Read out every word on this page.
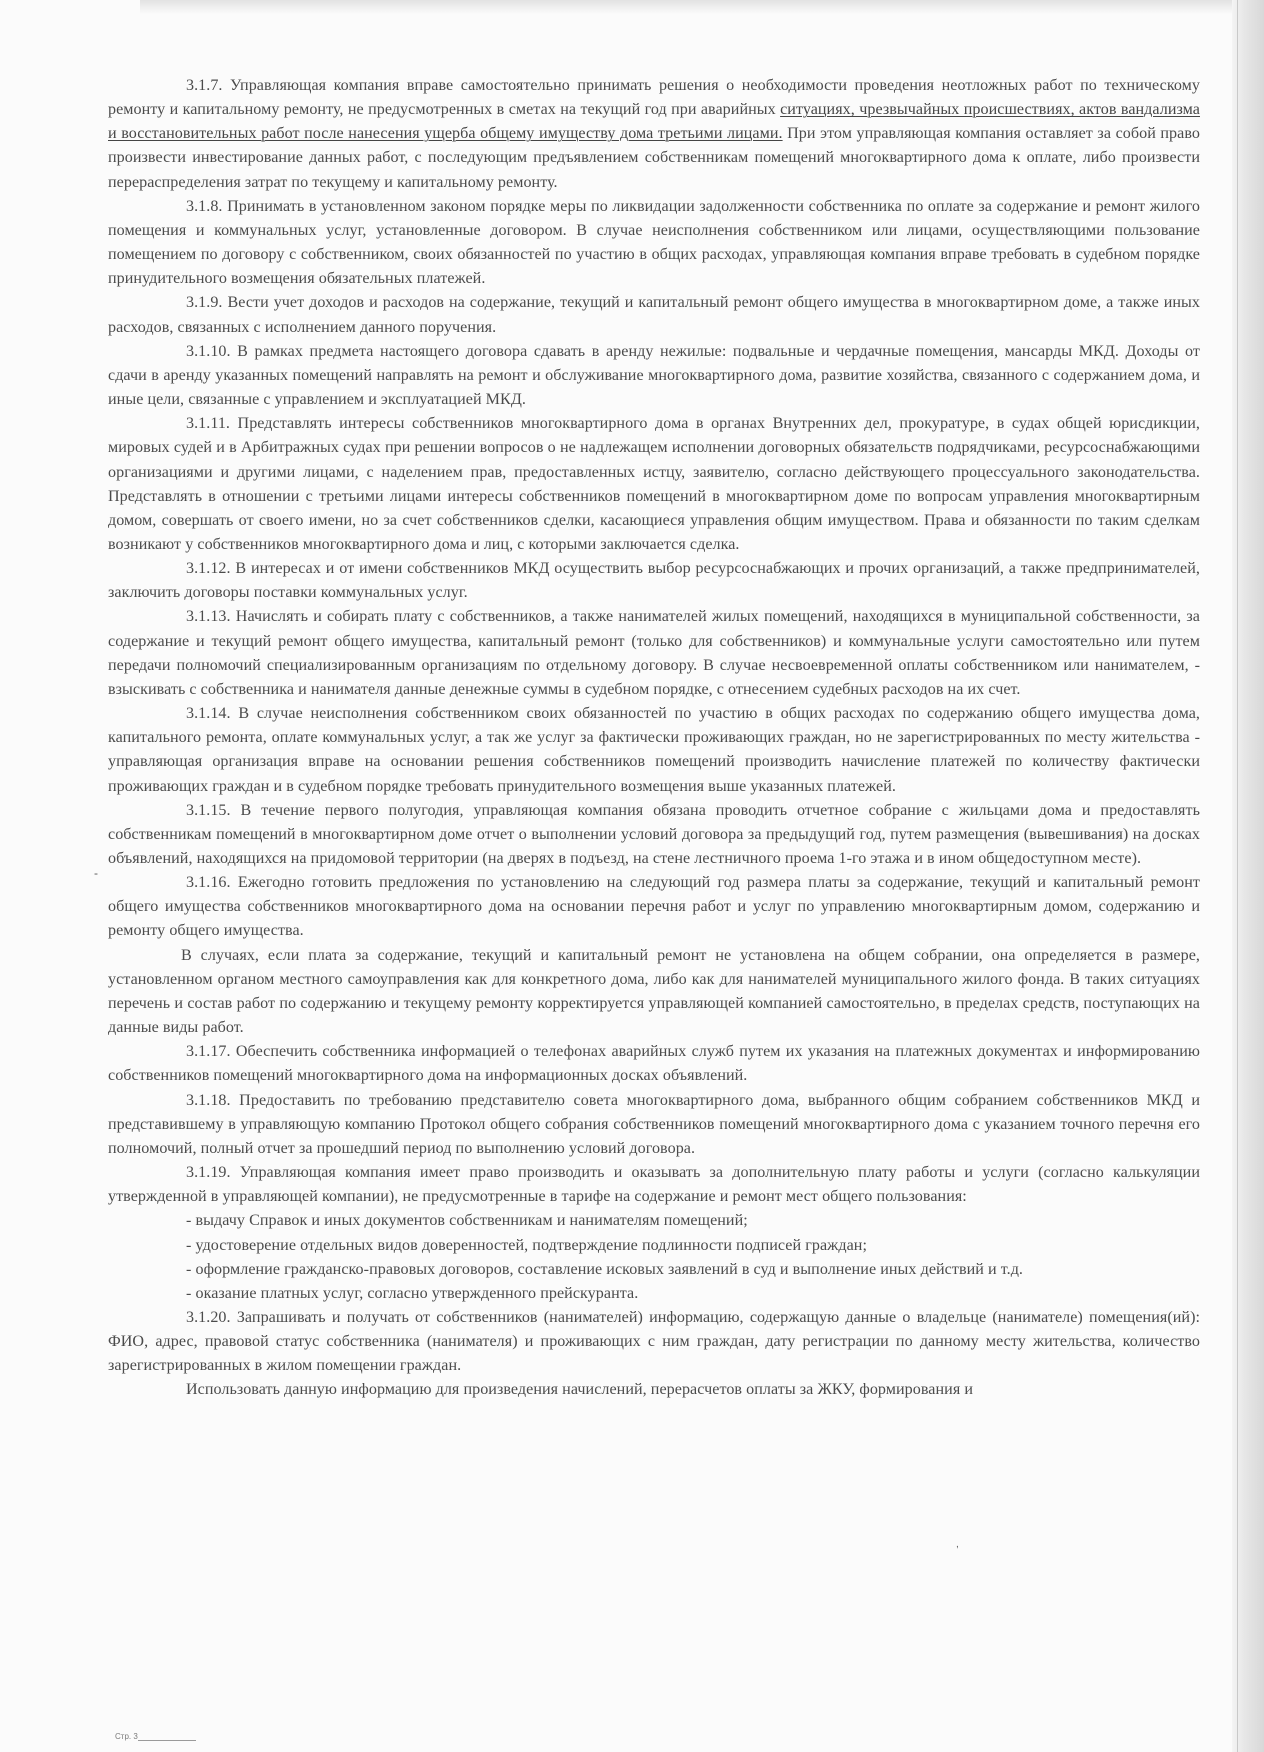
3.1.7. Управляющая компания вправе самостоятельно принимать решения о необходимости проведения неотложных работ по техническому ремонту и капитальному ремонту, не предусмотренных в сметах на текущий год при аварийных ситуациях, чрезвычайных происшествиях, актов вандализма и восстановительных работ после нанесения ущерба общему имуществу дома третьими лицами. При этом управляющая компания оставляет за собой право произвести инвестирование данных работ, с последующим предъявлением собственникам помещений многоквартирного дома к оплате, либо произвести перераспределения затрат по текущему и капитальному ремонту.

3.1.8. Принимать в установленном законом порядке меры по ликвидации задолженности собственника по оплате за содержание и ремонт жилого помещения и коммунальных услуг, установленные договором. В случае неисполнения собственником или лицами, осуществляющими пользование помещением по договору с собственником, своих обязанностей по участию в общих расходах, управляющая компания вправе требовать в судебном порядке принудительного возмещения обязательных платежей.

3.1.9. Вести учет доходов и расходов на содержание, текущий и капитальный ремонт общего имущества в многоквартирном доме, а также иных расходов, связанных с исполнением данного поручения.

3.1.10. В рамках предмета настоящего договора сдавать в аренду нежилые: подвальные и чердачные помещения, мансарды МКД. Доходы от сдачи в аренду указанных помещений направлять на ремонт и обслуживание многоквартирного дома, развитие хозяйства, связанного с содержанием дома, и иные цели, связанные с управлением и эксплуатацией МКД.

3.1.11. Представлять интересы собственников многоквартирного дома в органах Внутренних дел, прокуратуре, в судах общей юрисдикции, мировых судей и в Арбитражных судах при решении вопросов о не надлежащем исполнении договорных обязательств подрядчиками, ресурсоснабжающими организациями и другими лицами, с наделением прав, предоставленных истцу, заявителю, согласно действующего процессуального законодательства. Представлять в отношении с третьими лицами интересы собственников помещений в многоквартирном доме по вопросам управления многоквартирным домом, совершать от своего имени, но за счет собственников сделки, касающиеся управления общим имуществом. Права и обязанности по таким сделкам возникают у собственников многоквартирного дома и лиц, с которыми заключается сделка.

3.1.12. В интересах и от имени собственников МКД осуществить выбор ресурсоснабжающих и прочих организаций, а также предпринимателей, заключить договоры поставки коммунальных услуг.

3.1.13. Начислять и собирать плату с собственников, а также нанимателей жилых помещений, находящихся в муниципальной собственности, за содержание и текущий ремонт общего имущества, капитальный ремонт (только для собственников) и коммунальные услуги самостоятельно или путем передачи полномочий специализированным организациям по отдельному договору. В случае несвоевременной оплаты собственником или нанимателем, - взыскивать с собственника и нанимателя данные денежные суммы в судебном порядке, с отнесением судебных расходов на их счет.

3.1.14. В случае неисполнения собственником своих обязанностей по участию в общих расходах по содержанию общего имущества дома, капитального ремонта, оплате коммунальных услуг, а так же услуг за фактически проживающих граждан, но не зарегистрированных по месту жительства - управляющая организация вправе на основании решения собственников помещений производить начисление платежей по количеству фактически проживающих граждан и в судебном порядке требовать принудительного возмещения выше указанных платежей.

3.1.15. В течение первого полугодия, управляющая компания обязана проводить отчетное собрание с жильцами дома и предоставлять собственникам помещений в многоквартирном доме отчет о выполнении условий договора за предыдущий год, путем размещения (вывешивания) на досках объявлений, находящихся на придомовой территории (на дверях в подъезд, на стене лестничного проема 1-го этажа и в ином общедоступном месте).

3.1.16. Ежегодно готовить предложения по установлению на следующий год размера платы за содержание, текущий и капитальный ремонт общего имущества собственников многоквартирного дома на основании перечня работ и услуг по управлению многоквартирным домом, содержанию и ремонту общего имущества.

В случаях, если плата за содержание, текущий и капитальный ремонт не установлена на общем собрании, она определяется в размере, установленном органом местного самоуправления как для конкретного дома, либо как для нанимателей муниципального жилого фонда. В таких ситуациях перечень и состав работ по содержанию и текущему ремонту корректируется управляющей компанией самостоятельно, в пределах средств, поступающих на данные виды работ.

3.1.17. Обеспечить собственника информацией о телефонах аварийных служб путем их указания на платежных документах и информированию собственников помещений многоквартирного дома на информационных досках объявлений.

3.1.18. Предоставить по требованию представителю совета многоквартирного дома, выбранного общим собранием собственников МКД и представившему в управляющую компанию Протокол общего собрания собственников помещений многоквартирного дома с указанием точного перечня его полномочий, полный отчет за прошедший период по выполнению условий договора.

3.1.19. Управляющая компания имеет право производить и оказывать за дополнительную плату работы и услуги (согласно калькуляции утвержденной в управляющей компании), не предусмотренные в тарифе на содержание и ремонт мест общего пользования:

- выдачу Справок и иных документов собственникам и нанимателям помещений;

- удостоверение отдельных видов доверенностей, подтверждение подлинности подписей граждан;

- оформление гражданско-правовых договоров, составление исковых заявлений в суд и выполнение иных действий и т.д.

- оказание платных услуг, согласно утвержденного прейскуранта.

3.1.20. Запрашивать и получать от собственников (нанимателей) информацию, содержащую данные о владельце (нанимателе) помещения(ий): ФИО, адрес, правовой статус собственника (нанимателя) и проживающих с ним граждан, дату регистрации по данному месту жительства, количество зарегистрированных в жилом помещении граждан.

Использовать данную информацию для произведения начислений, перерасчетов оплаты за ЖКУ, формирования и

-
,
Стр. 3
